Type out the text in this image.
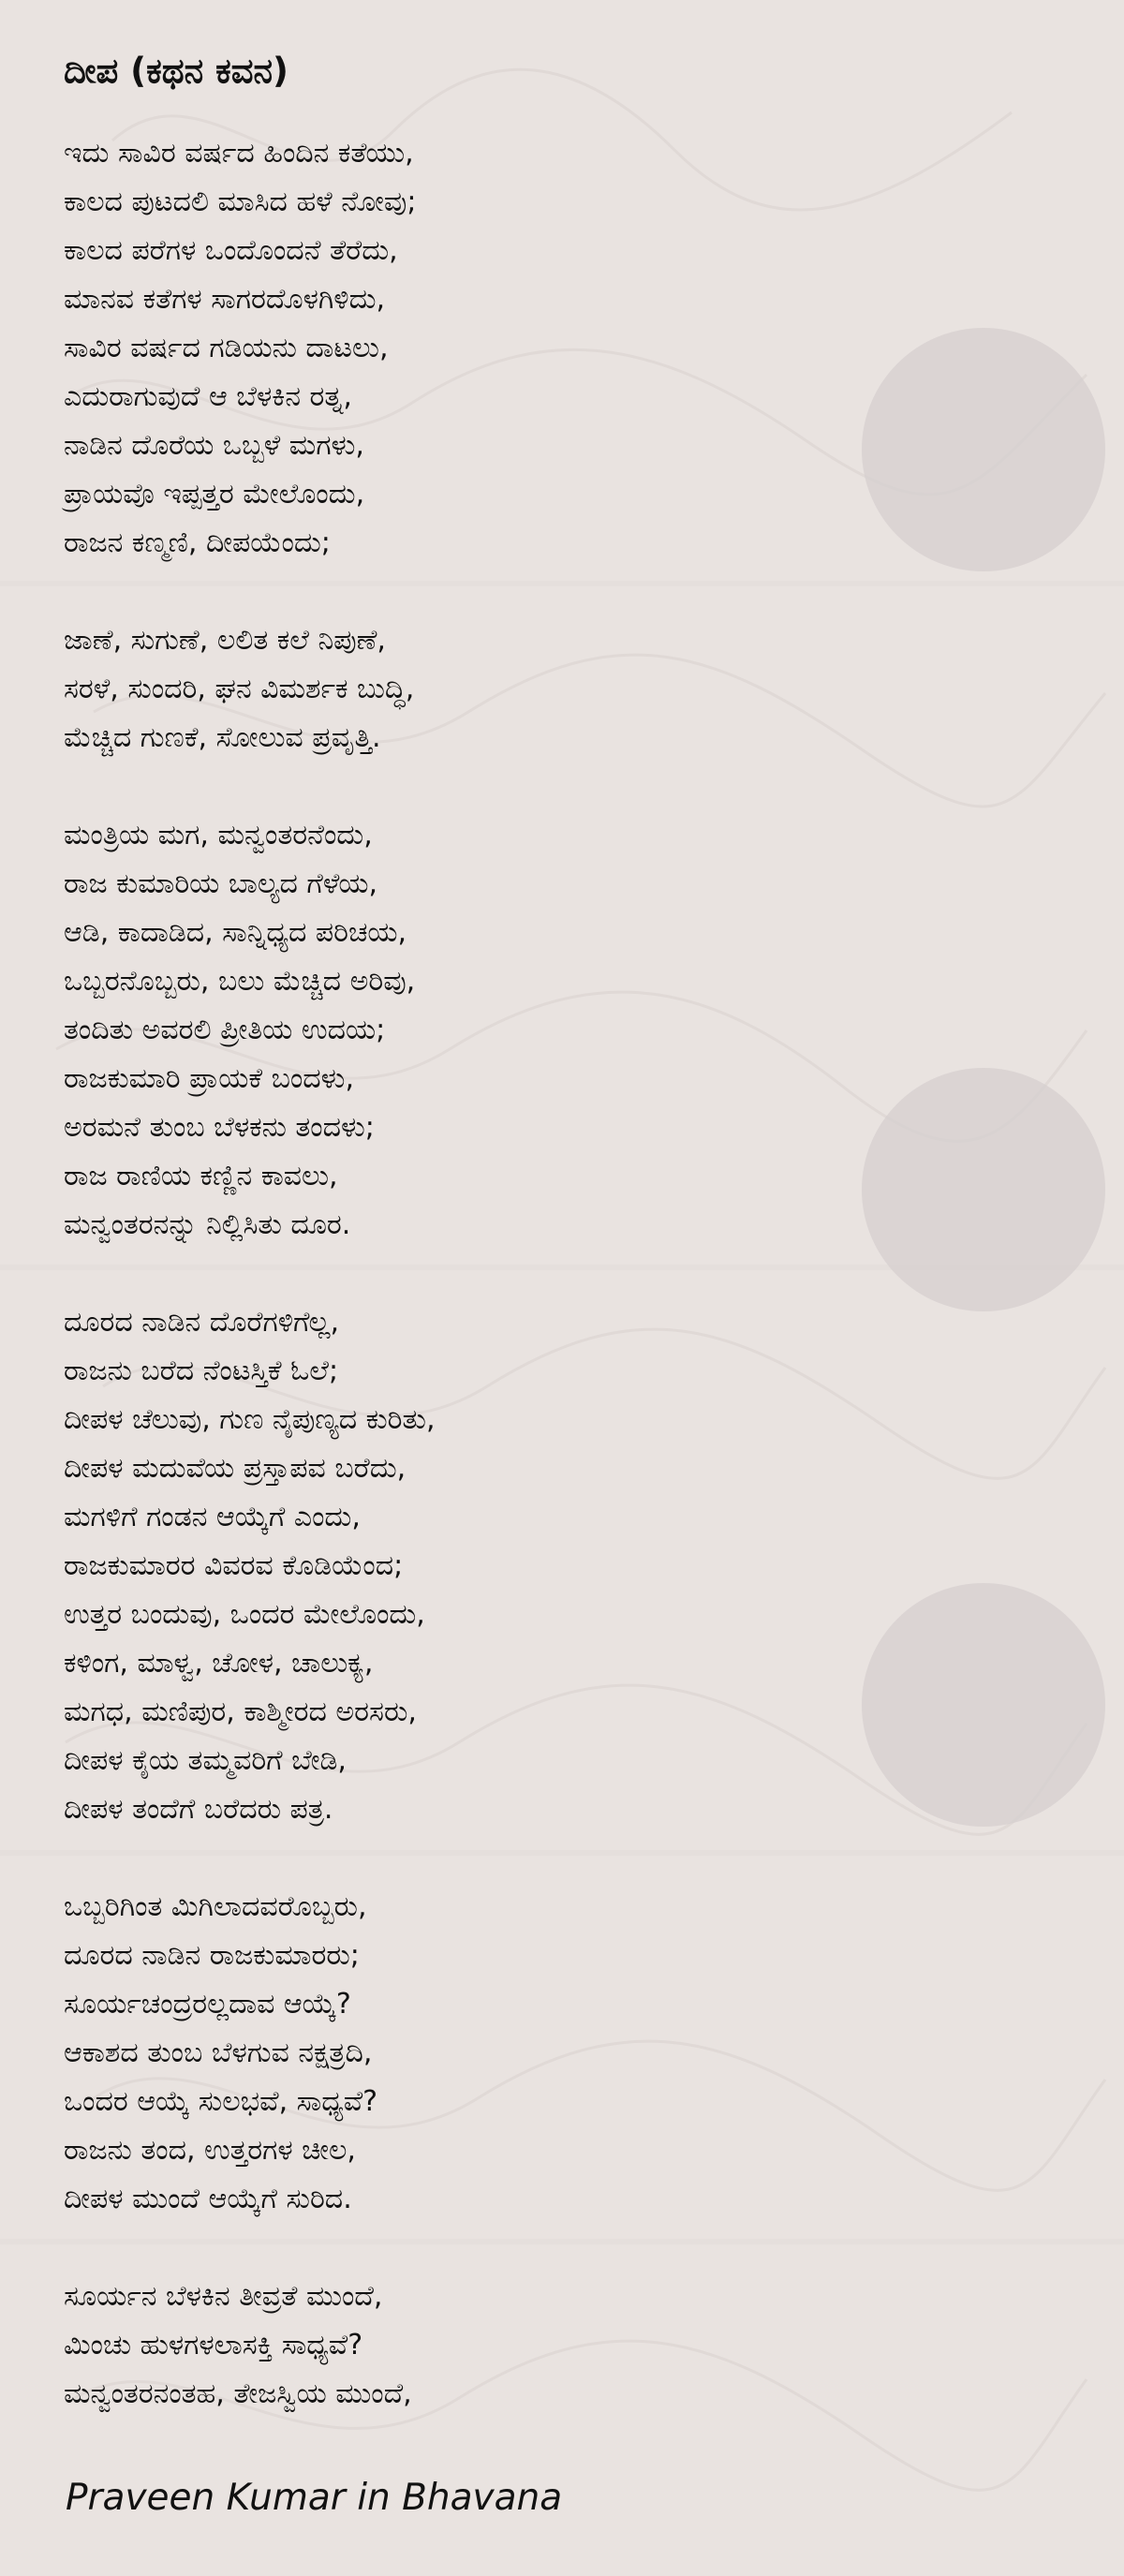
ದೀಪ (ಕಥನ ಕವನ)
ಇದು ಸಾವಿರ ವರ್ಷದ ಹಿಂದಿನ ಕತೆಯು,
ಕಾಲದ ಪುಟದಲಿ ಮಾಸಿದ ಹಳೆ ನೋವು;
ಕಾಲದ ಪರೆಗಳ ಒಂದೊಂದನೆ ತೆರೆದು,
ಮಾನವ ಕತೆಗಳ ಸಾಗರದೊಳಗಿಳಿದು,
ಸಾವಿರ ವರ್ಷದ ಗಡಿಯನು ದಾಟಲು,
ಎದುರಾಗುವುದೆ ಆ ಬೆಳಕಿನ ರತ್ನ,
ನಾಡಿನ ದೊರೆಯ ಒಬ್ಬಳೆ ಮಗಳು,
ಪ್ರಾಯವೊ ಇಪ್ಪತ್ತರ ಮೇಲೊಂದು,
ರಾಜನ ಕಣ್ಮಣಿ, ದೀಪಯೆಂದು;
ಜಾಣೆ, ಸುಗುಣೆ, ಲಲಿತ ಕಲೆ ನಿಪುಣೆ,
ಸರಳೆ, ಸುಂದರಿ, ಘನ ವಿಮರ್ಶಕ ಬುದ್ಧಿ,
ಮೆಚ್ಚಿದ ಗುಣಕೆ, ಸೋಲುವ ಪ್ರವೃತ್ತಿ.
ಮಂತ್ರಿಯ ಮಗ, ಮನ್ವಂತರನೆಂದು,
ರಾಜ ಕುಮಾರಿಯ ಬಾಲ್ಯದ ಗೆಳೆಯ,
ಆಡಿ, ಕಾದಾಡಿದ, ಸಾನ್ನಿಧ್ಯದ ಪರಿಚಯ,
ಒಬ್ಬರನೊಬ್ಬರು, ಬಲು ಮೆಚ್ಚಿದ ಅರಿವು,
ತಂದಿತು ಅವರಲಿ ಪ್ರೀತಿಯ ಉದಯ;
ರಾಜಕುಮಾರಿ ಪ್ರಾಯಕೆ ಬಂದಳು,
ಅರಮನೆ ತುಂಬ ಬೆಳಕನು ತಂದಳು;
ರಾಜ ರಾಣಿಯ ಕಣ್ಣಿನ ಕಾವಲು,
ಮನ್ವಂತರನನ್ನು ನಿಲ್ಲಿಸಿತು ದೂರ.
ದೂರದ ನಾಡಿನ ದೊರೆಗಳಿಗೆಲ್ಲ,
ರಾಜನು ಬರೆದ ನೆಂಟಸ್ತಿಕೆ ಓಲೆ;
ದೀಪಳ ಚೆಲುವು, ಗುಣ ನೈಪುಣ್ಯದ ಕುರಿತು,
ದೀಪಳ ಮದುವೆಯ ಪ್ರಸ್ತಾಪವ ಬರೆದು,
ಮಗಳಿಗೆ ಗಂಡನ ಆಯ್ಕೆಗೆ ಎಂದು,
ರಾಜಕುಮಾರರ ವಿವರವ ಕೊಡಿಯೆಂದ;
ಉತ್ತರ ಬಂದುವು, ಒಂದರ ಮೇಲೊಂದು,
ಕಳಿಂಗ, ಮಾಳ್ವ, ಚೋಳ, ಚಾಲುಕ್ಯ,
ಮಗಧ, ಮಣಿಪುರ, ಕಾಶ್ಮೀರದ ಅರಸರು,
ದೀಪಳ ಕೈಯ ತಮ್ಮವರಿಗೆ ಬೇಡಿ,
ದೀಪಳ ತಂದೆಗೆ ಬರೆದರು ಪತ್ರ.
ಒಬ್ಬರಿಗಿಂತ ಮಿಗಿಲಾದವರೊಬ್ಬರು,
ದೂರದ ನಾಡಿನ ರಾಜಕುಮಾರರು;
ಸೂರ್ಯಚಂದ್ರರಲ್ಲದಾವ ಆಯ್ಕೆ?
ಆಕಾಶದ ತುಂಬ ಬೆಳಗುವ ನಕ್ಷತ್ರದಿ,
ಒಂದರ ಆಯ್ಕೆ ಸುಲಭವೆ, ಸಾಧ್ಯವೆ?
ರಾಜನು ತಂದ, ಉತ್ತರಗಳ ಚೀಲ,
ದೀಪಳ ಮುಂದೆ ಆಯ್ಕೆಗೆ ಸುರಿದ.
ಸೂರ್ಯನ ಬೆಳಕಿನ ತೀವ್ರತೆ ಮುಂದೆ,
ಮಿಂಚು ಹುಳಗಳಲಾಸಕ್ತಿ ಸಾಧ್ಯವೆ?
ಮನ್ವಂತರನಂತಹ, ತೇಜಸ್ವಿಯ ಮುಂದೆ,
Praveen Kumar in Bhavana
